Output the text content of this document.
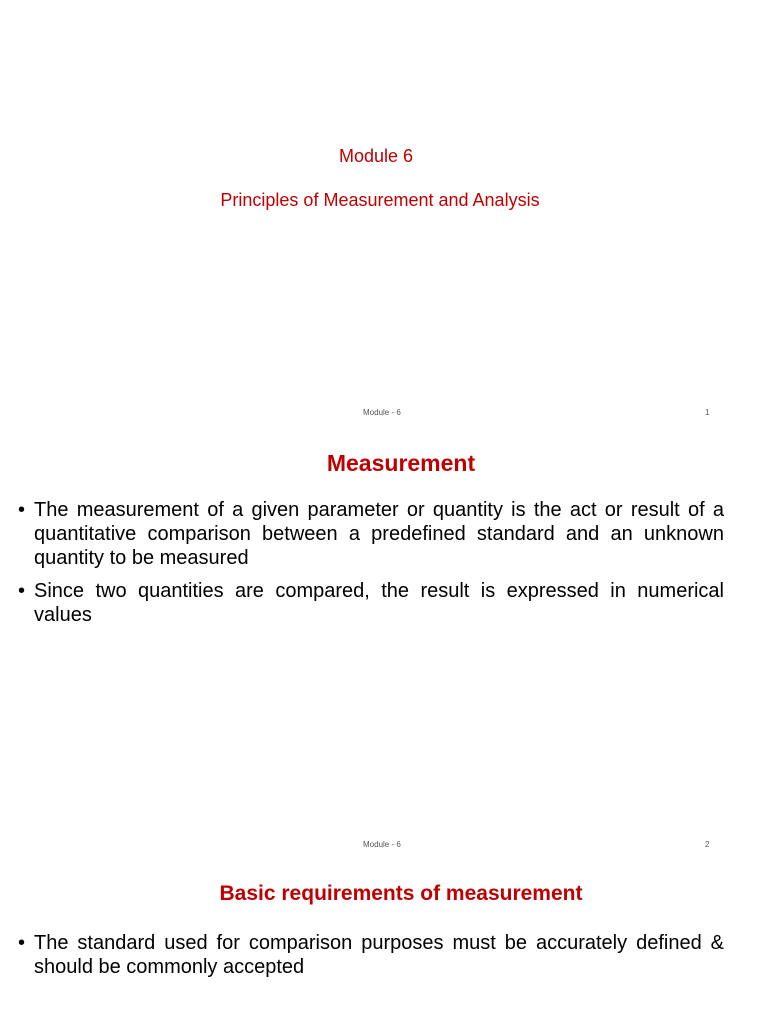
Module 6
Principles of Measurement and Analysis
Module - 6	1
Measurement
• The measurement of a given parameter or quantity is the act or result of a quantitative comparison between a predefined standard and an unknown quantity to be measured
• Since two quantities are compared, the result is expressed in numerical values
Module - 6	2
Basic requirements of measurement
• The standard used for comparison purposes must be accurately defined & should be commonly accepted
